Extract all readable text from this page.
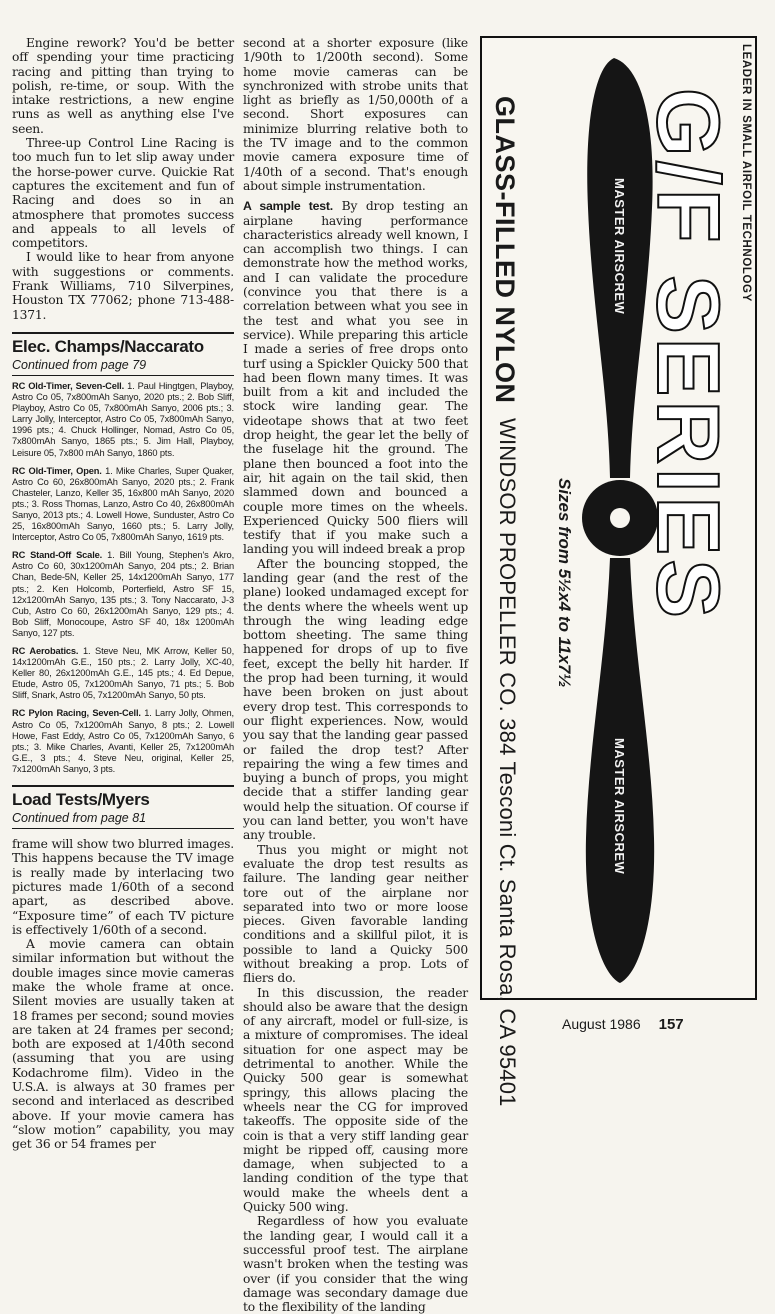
Engine rework? You'd be better off spending your time practicing racing and pitting than trying to polish, re-time, or soup. With the intake restrictions, a new engine runs as well as anything else I've seen.

Three-up Control Line Racing is too much fun to let slip away under the horse-power curve. Quickie Rat captures the excitement and fun of Racing and does so in an atmosphere that promotes success and appeals to all levels of competitors.

I would like to hear from anyone with suggestions or comments. Frank Williams, 710 Silverpines, Houston TX 77062; phone 713-488-1371.

Elec. Champs/Naccarato
Continued from page 79

RC Old-Timer, Seven-Cell. 1. Paul Hingtgen, Playboy, Astro Co 05, 7x800mAh Sanyo, 2020 pts.; 2. Bob Sliff, Playboy, Astro Co 05, 7x800mAh Sanyo, 2006 pts.; 3. Larry Jolly, Interceptor, Astro Co 05, 7x800mAh Sanyo, 1996 pts.; 4. Chuck Hollinger, Nomad, Astro Co 05, 7x800mAh Sanyo, 1865 pts.; 5. Jim Hall, Playboy, Leisure 05, 7x800 mAh Sanyo, 1860 pts.

RC Old-Timer, Open. 1. Mike Charles, Super Quaker, Astro Co 60, 26x800mAh Sanyo, 2020 pts.; 2. Frank Chasteler, Lanzo, Keller 35, 16x800 mAh Sanyo, 2020 pts.; 3. Ross Thomas, Lanzo, Astro Co 40, 26x800mAh Sanyo, 2013 pts.; 4. Lowell Howe, Sunduster, Astro Co 25, 16x800mAh Sanyo, 1660 pts.; 5. Larry Jolly, Interceptor, Astro Co 05, 7x800mAh Sanyo, 1619 pts.

RC Stand-Off Scale. 1. Bill Young, Stephen's Akro, Astro Co 60, 30x1200mAh Sanyo, 204 pts.; 2. Brian Chan, Bede-5N, Keller 25, 14x1200mAh Sanyo, 177 pts.; 2. Ken Holcomb, Porterfield, Astro SF 15, 12x1200mAh Sanyo, 135 pts.; 3. Tony Naccarato, J-3 Cub, Astro Co 60, 26x1200mAh Sanyo, 129 pts.; 4. Bob Sliff, Monocoupe, Astro SF 40, 18x 1200mAh Sanyo, 127 pts.

RC Aerobatics. 1. Steve Neu, MK Arrow, Keller 50, 14x1200mAh G.E., 150 pts.; 2. Larry Jolly, XC-40, Keller 80, 26x1200mAh G.E., 145 pts.; 4. Ed Depue, Etude, Astro 05, 7x1200mAh Sanyo, 71 pts.; 5. Bob Sliff, Snark, Astro 05, 7x1200mAh Sanyo, 50 pts.

RC Pylon Racing, Seven-Cell. 1. Larry Jolly, Ohmen, Astro Co 05, 7x1200mAh Sanyo, 8 pts.; 2. Lowell Howe, Fast Eddy, Astro Co 05, 7x1200mAh Sanyo, 6 pts.; 3. Mike Charles, Avanti, Keller 25, 7x1200mAh G.E., 3 pts.; 4. Steve Neu, original, Keller 25, 7x1200mAh Sanyo, 3 pts.

Load Tests/Myers
Continued from page 81

frame will show two blurred images. This happens because the TV image is really made by interlacing two pictures made 1/60th of a second apart, as described above. “Exposure time” of each TV picture is effectively 1/60th of a second.

A movie camera can obtain similar information but without the double images since movie cameras make the whole frame at once. Silent movies are usually taken at 18 frames per second; sound movies are taken at 24 frames per second; both are exposed at 1/40th second (assuming that you are using Kodachrome film). Video in the U.S.A. is always at 30 frames per second and interlaced as described above. If your movie camera has “slow motion” capability, you may get 36 or 54 frames per

second at a shorter exposure (like 1/90th to 1/200th second). Some home movie cameras can be synchronized with strobe units that light as briefly as 1/50,000th of a second. Short exposures can minimize blurring relative both to the TV image and to the common movie camera exposure time of 1/40th of a second. That's enough about simple instrumentation.

A sample test. By drop testing an airplane having performance characteristics already well known, I can accomplish two things. I can demonstrate how the method works, and I can validate the procedure (convince you that there is a correlation between what you see in the test and what you see in service). While preparing this article I made a series of free drops onto turf using a Spickler Quicky 500 that had been flown many times. It was built from a kit and included the stock wire landing gear. The videotape shows that at two feet drop height, the gear let the belly of the fuselage hit the ground. The plane then bounced a foot into the air, hit again on the tail skid, then slammed down and bounced a couple more times on the wheels. Experienced Quicky 500 fliers will testify that if you make such a landing you will indeed break a prop

After the bouncing stopped, the landing gear (and the rest of the plane) looked undamaged except for the dents where the wheels went up through the wing leading edge bottom sheeting. The same thing happened for drops of up to five feet, except the belly hit harder. If the prop had been turning, it would have been broken on just about every drop test. This corresponds to our flight experiences. Now, would you say that the landing gear passed or failed the drop test? After repairing the wing a few times and buying a bunch of props, you might decide that a stiffer landing gear would help the situation. Of course if you can land better, you won't have any trouble.

Thus you might or might not evaluate the drop test results as failure. The landing gear neither tore out of the airplane nor separated into two or more loose pieces. Given favorable landing conditions and a skillful pilot, it is possible to land a Quicky 500 without breaking a prop. Lots of fliers do.

In this discussion, the reader should also be aware that the design of any aircraft, model or full-size, is a mixture of compromises. The ideal situation for one aspect may be detrimental to another. While the Quicky 500 gear is somewhat springy, this allows placing the wheels near the CG for improved takeoffs. The opposite side of the coin is that a very stiff landing gear might be ripped off, causing more damage, when subjected to a landing condition of the type that would make the wheels dent a Quicky 500 wing.

Regardless of how you evaluate the landing gear, I would call it a successful proof test. The airplane wasn't broken when the testing was over (if you consider that the wing damage was secondary damage due to the flexibility of the landing

MASTER AIRSCREW
MASTER AIRSCREW
LEADER IN SMALL AIRFOIL TECHNOLOGY
G/F SERIES
GLASS-FILLED NYLON
Sizes from 5½x4 to 11x7½
WINDSOR PROPELLER CO. 384 Tesconi Ct. Santa Rosa, CA 95401	August 1986 157
